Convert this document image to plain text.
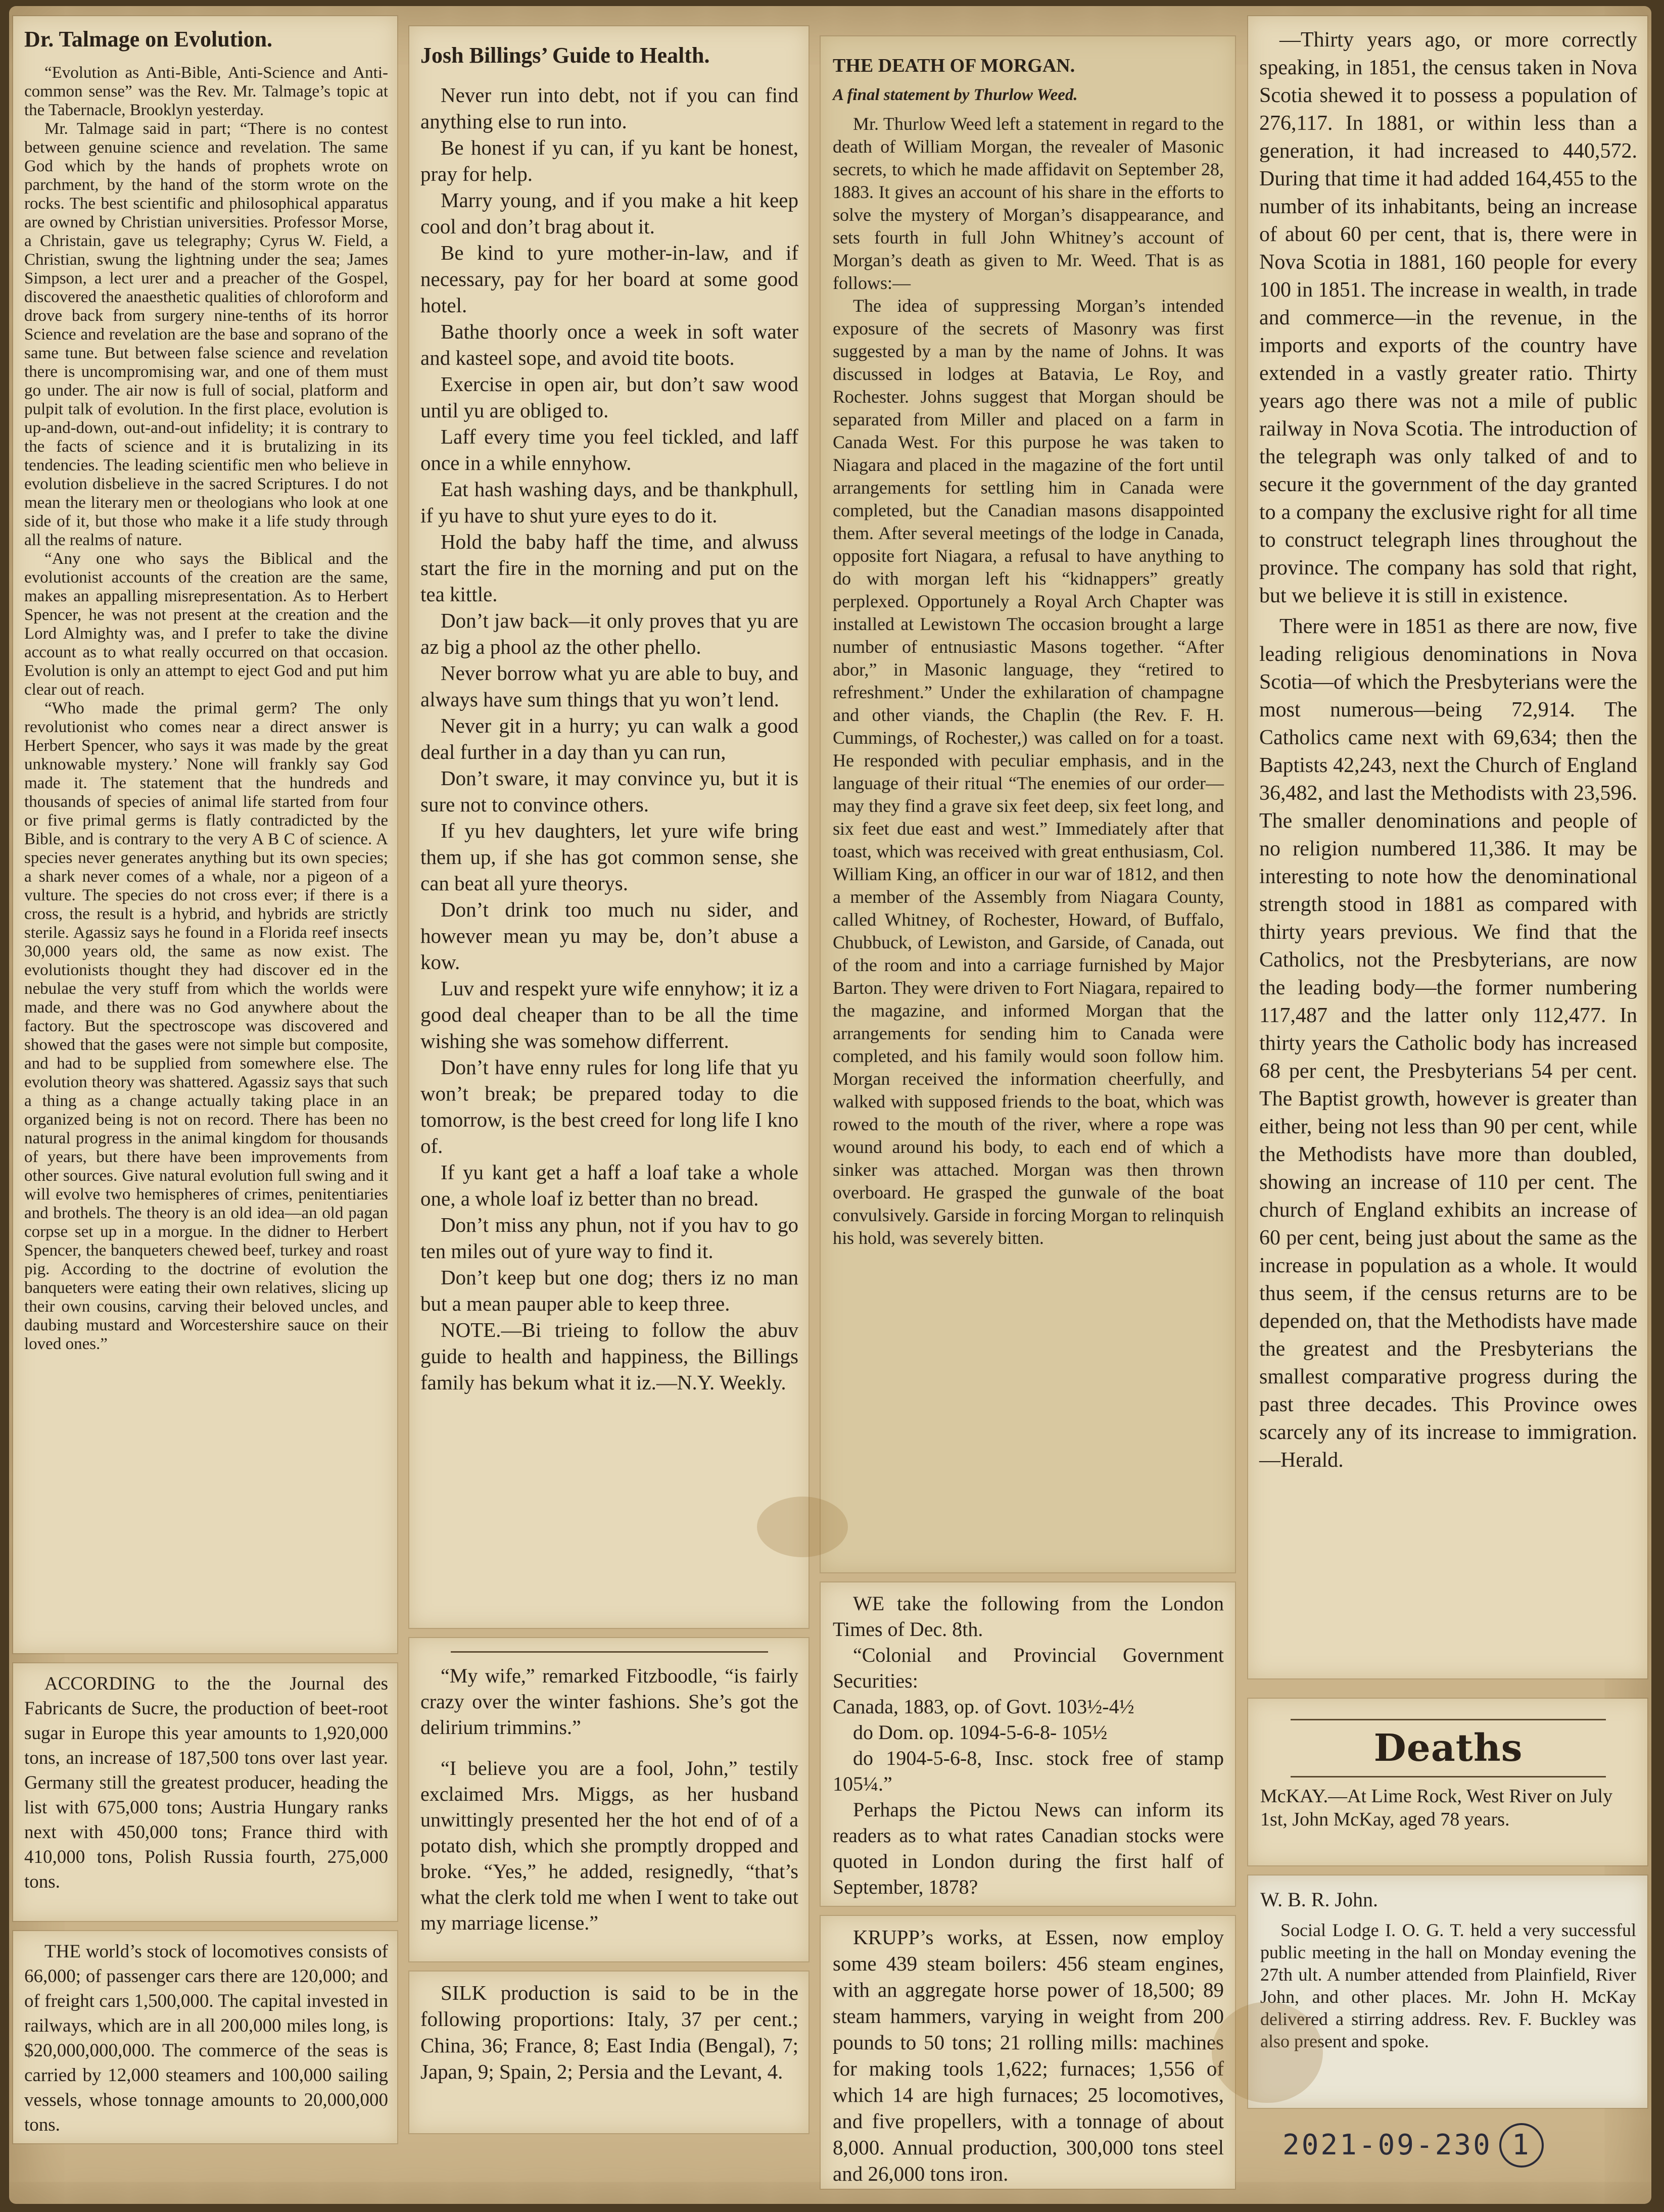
Dr. Talmage on Evolution.

“Evolution as Anti-Bible, Anti-Science and Anti-common sense” was the Rev. Mr. Talmage’s topic at the Tabernacle, Brooklyn yesterday.

Mr. Talmage said in part; “There is no contest between genuine science and revelation. The same God which by the hands of prophets wrote on parchment, by the hand of the storm wrote on the rocks. The best scientific and philosophical apparatus are owned by Christian universities. Professor Morse, a Christain, gave us telegraphy; Cyrus W. Field, a Christian, swung the lightning under the sea; James Simpson, a lect urer and a preacher of the Gospel, discovered the anaesthetic qualities of chloroform and drove back from surgery nine-tenths of its horror Science and revelation are the base and soprano of the same tune. But between false science and revelation there is uncompromising war, and one of them must go under. The air now is full of social, platform and pulpit talk of evolution. In the first place, evolution is up-and-down, out-and-out infidelity; it is contrary to the facts of science and it is brutalizing in its tendencies. The leading scientific men who believe in evolution disbelieve in the sacred Scriptures. I do not mean the literary men or theologians who look at one side of it, but those who make it a life study through all the realms of nature.

“Any one who says the Biblical and the evolutionist accounts of the creation are the same, makes an appalling misrepresentation. As to Herbert Spencer, he was not present at the creation and the Lord Almighty was, and I prefer to take the divine account as to what really occurred on that occasion. Evolution is only an attempt to eject God and put him clear out of reach.

“Who made the primal germ? The only revolutionist who comes near a direct answer is Herbert Spencer, who says it was made by the great unknowable mystery.’ None will frankly say God made it. The statement that the hundreds and thousands of species of animal life started from four or five primal germs is flatly contradicted by the Bible, and is contrary to the very A B C of science. A species never generates anything but its own species; a shark never comes of a whale, nor a pigeon of a vulture. The species do not cross ever; if there is a cross, the result is a hybrid, and hybrids are strictly sterile. Agassiz says he found in a Florida reef insects 30,000 years old, the same as now exist. The evolutionists thought they had discover ed in the nebulae the very stuff from which the worlds were made, and there was no God anywhere about the factory. But the spectroscope was discovered and showed that the gases were not simple but composite, and had to be supplied from somewhere else. The evolution theory was shattered. Agassiz says that such a thing as a change actually taking place in an organized being is not on record. There has been no natural progress in the animal kingdom for thousands of years, but there have been improvements from other sources. Give natural evolution full swing and it will evolve two hemispheres of crimes, penitentiaries and brothels. The theory is an old idea—an old pagan corpse set up in a morgue. In the didner to Herbert Spencer, the banqueters chewed beef, turkey and roast pig. According to the doctrine of evolution the banqueters were eating their own relatives, slicing up their own cousins, carving their beloved uncles, and daubing mustard and Worcestershire sauce on their loved ones.”

ACCORDING to the the Journal des Fabricants de Sucre, the production of beet-root sugar in Europe this year amounts to 1,920,000 tons, an increase of 187,500 tons over last year. Germany still the greatest producer, heading the list with 675,000 tons; Austria Hungary ranks next with 450,000 tons; France third with 410,000 tons, Polish Russia fourth, 275,000 tons.

THE world’s stock of locomotives consists of 66,000; of passenger cars there are 120,000; and of freight cars 1,500,000. The capital invested in railways, which are in all 200,000 miles long, is $20,000,000,000. The commerce of the seas is carried by 12,000 steamers and 100,000 sailing vessels, whose tonnage amounts to 20,000,000 tons.

Josh Billings’ Guide to Health.

Never run into debt, not if you can find anything else to run into.

Be honest if yu can, if yu kant be honest, pray for help.

Marry young, and if you make a hit keep cool and don’t brag about it.

Be kind to yure mother-in-law, and if necessary, pay for her board at some good hotel.

Bathe thoorly once a week in soft water and kasteel sope, and avoid tite boots.

Exercise in open air, but don’t saw wood until yu are obliged to.

Laff every time you feel tickled, and laff once in a while ennyhow.

Eat hash washing days, and be thankphull, if yu have to shut yure eyes to do it.

Hold the baby haff the time, and alwuss start the fire in the morning and put on the tea kittle.

Don’t jaw back—it only proves that yu are az big a phool az the other phello.

Never borrow what yu are able to buy, and always have sum things that yu won’t lend.

Never git in a hurry; yu can walk a good deal further in a day than yu can run,

Don’t sware, it may convince yu, but it is sure not to convince others.

If yu hev daughters, let yure wife bring them up, if she has got common sense, she can beat all yure theorys.

Don’t drink too much nu sider, and however mean yu may be, don’t abuse a kow.

Luv and respekt yure wife ennyhow; it iz a good deal cheaper than to be all the time wishing she was somehow differrent.

Don’t have enny rules for long life that yu won’t break; be prepared today to die tomorrow, is the best creed for long life I kno of.

If yu kant get a haff a loaf take a whole one, a whole loaf iz better than no bread.

Don’t miss any phun, not if you hav to go ten miles out of yure way to find it.

Don’t keep but one dog; thers iz no man but a mean pauper able to keep three.

NOTE.—Bi trieing to follow the abuv guide to health and happiness, the Billings family has bekum what it iz.—N.Y. Weekly.

“My wife,” remarked Fitzboodle, “is fairly crazy over the winter fashions. She’s got the delirium trimmins.”

“I believe you are a fool, John,” testily exclaimed Mrs. Miggs, as her husband unwittingly presented her the hot end of of a potato dish, which she promptly dropped and broke. “Yes,” he added, resignedly, “that’s what the clerk told me when I went to take out my marriage license.”

SILK production is said to be in the following proportions: Italy, 37 per cent.; China, 36; France, 8; East India (Bengal), 7; Japan, 9; Spain, 2; Persia and the Levant, 4.

THE DEATH OF MORGAN.

A final statement by Thurlow Weed.

Mr. Thurlow Weed left a statement in regard to the death of William Morgan, the revealer of Masonic secrets, to which he made affidavit on September 28, 1883. It gives an account of his share in the efforts to solve the mystery of Morgan’s disappearance, and sets fourth in full John Whitney’s account of Morgan’s death as given to Mr. Weed. That is as follows:—

The idea of suppressing Morgan’s intended exposure of the secrets of Masonry was first suggested by a man by the name of Johns. It was discussed in lodges at Batavia, Le Roy, and Rochester. Johns suggest that Morgan should be separated from Miller and placed on a farm in Canada West. For this purpose he was taken to Niagara and placed in the magazine of the fort until arrangements for settling him in Canada were completed, but the Canadian masons disappointed them. After several meetings of the lodge in Canada, opposite fort Niagara, a refusal to have anything to do with morgan left his “kidnappers” greatly perplexed. Opportunely a Royal Arch Chapter was installed at Lewistown The occasion brought a large number of entnusiastic Masons together. “After abor,” in Masonic language, they “retired to refreshment.” Under the exhilaration of champagne and other viands, the Chaplin (the Rev. F. H. Cummings, of Rochester,) was called on for a toast. He responded with peculiar emphasis, and in the language of their ritual “The enemies of our order—may they find a grave six feet deep, six feet long, and six feet due east and west.” Immediately after that toast, which was received with great enthusiasm, Col. William King, an officer in our war of 1812, and then a member of the Assembly from Niagara County, called Whitney, of Rochester, Howard, of Buffalo, Chubbuck, of Lewiston, and Garside, of Canada, out of the room and into a carriage furnished by Major Barton. They were driven to Fort Niagara, repaired to the magazine, and informed Morgan that the arrangements for sending him to Canada were completed, and his family would soon follow him. Morgan received the information cheerfully, and walked with supposed friends to the boat, which was rowed to the mouth of the river, where a rope was wound around his body, to each end of which a sinker was attached. Morgan was then thrown overboard. He grasped the gunwale of the boat convulsively. Garside in forcing Morgan to relinquish his hold, was severely bitten.

WE take the following from the London Times of Dec. 8th.

“Colonial and Provincial Government Securities:

Canada, 1883, op. of Govt. 103½-4½

do Dom. op. 1094-5-6-8- 105½

do 1904-5-6-8, Insc. stock free of stamp 105¼.”

Perhaps the Pictou News can inform its readers as to what rates Canadian stocks were quoted in London during the first half of September, 1878?

KRUPP’s works, at Essen, now employ some 439 steam boilers: 456 steam engines, with an aggregate horse power of 18,500; 89 steam hammers, varying in weight from 200 pounds to 50 tons; 21 rolling mills: machines for making tools 1,622; furnaces; 1,556 of which 14 are high furnaces; 25 locomotives, and five propellers, with a tonnage of about 8,000. Annual production, 300,000 tons steel and 26,000 tons iron.

—Thirty years ago, or more correctly speaking, in 1851, the census taken in Nova Scotia shewed it to possess a population of 276,117. In 1881, or within less than a generation, it had increased to 440,572. During that time it had added 164,455 to the number of its inhabitants, being an increase of about 60 per cent, that is, there were in Nova Scotia in 1881, 160 people for every 100 in 1851. The increase in wealth, in trade and commerce—in the revenue, in the imports and exports of the country have extended in a vastly greater ratio. Thirty years ago there was not a mile of public railway in Nova Scotia. The introduction of the telegraph was only talked of and to secure it the government of the day granted to a company the exclusive right for all time to construct telegraph lines throughout the province. The company has sold that right, but we believe it is still in existence.

There were in 1851 as there are now, five leading religious denominations in Nova Scotia—of which the Presbyterians were the most numerous—being 72,914. The Catholics came next with 69,634; then the Baptists 42,243, next the Church of England 36,482, and last the Methodists with 23,596. The smaller denominations and people of no religion numbered 11,386. It may be interesting to note how the denominational strength stood in 1881 as compared with thirty years previous. We find that the Catholics, not the Presbyterians, are now the leading body—the former numbering 117,487 and the latter only 112,477. In thirty years the Catholic body has increased 68 per cent, the Presbyterians 54 per cent. The Baptist growth, however is greater than either, being not less than 90 per cent, while the Methodists have more than doubled, showing an increase of 110 per cent. The church of England exhibits an increase of 60 per cent, being just about the same as the increase in population as a whole. It would thus seem, if the census returns are to be depended on, that the Methodists have made the greatest and the Presbyterians the smallest comparative progress during the past three decades. This Province owes scarcely any of its increase to immigration.—Herald.

Deaths

McKAY.—At Lime Rock, West River on July 1st, John McKay, aged 78 years.

W. B. R. John.

Social Lodge I. O. G. T. held a very successful public meeting in the hall on Monday evening the 27th ult. A number attended from Plainfield, River John, and other places. Mr. John H. McKay delivered a stirring address. Rev. F. Buckley was also present and spoke.

2021-09-230 1
